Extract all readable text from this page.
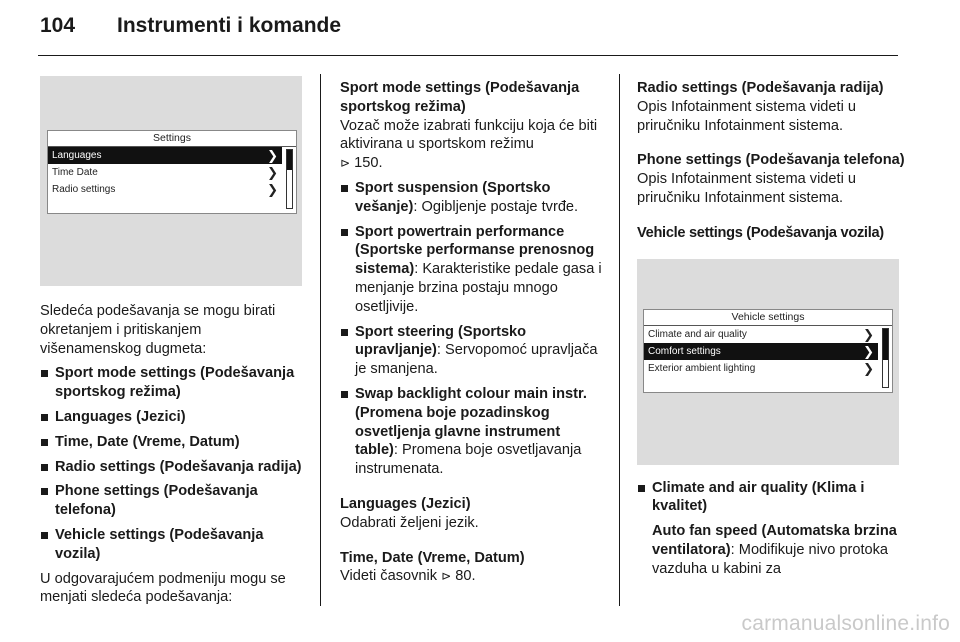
104	Instrumenti i komande
Settings
Languages	❯
Time Date	❯
Radio settings	❯

Sledeća podešavanja se mogu birati okretanjem i pritiskanjem višenamenskog dugmeta:

Sport mode settings (Podešavanja sportskog režima)
Languages (Jezici)
Time, Date (Vreme, Datum)
Radio settings (Podešavanja radija)
Phone settings (Podešavanja telefona)
Vehicle settings (Podešavanja vozila)

U odgovarajućem podmeniju mogu se menjati sledeća podešavanja:

Sport mode settings (Podešavanja sportskog režima)

Vozač može izabrati funkciju koja će biti aktivirana u sportskom režimu
⊳ 150.

Sport suspension (Sportsko vešanje): Ogibljenje postaje tvrđe.
Sport powertrain performance (Sportske performanse prenosnog sistema): Karakteristike pedale gasa i menjanje brzina postaju mnogo osetljivije.
Sport steering (Sportsko upravljanje): Servopomoć upravljača je smanjena.
Swap backlight colour main instr. (Promena boje pozadinskog osvetljenja glavne instrument table): Promena boje osvetljavanja instrumenata.

Languages (Jezici)

Odabrati željeni jezik.

Time, Date (Vreme, Datum)

Videti časovnik ⊳ 80.

Radio settings (Podešavanja radija)

Opis Infotainment sistema videti u priručniku Infotainment sistema.

Phone settings (Podešavanja telefona)

Opis Infotainment sistema videti u priručniku Infotainment sistema.

Vehicle settings (Podešavanja vozila)

Vehicle settings
Climate and air quality	❯
Comfort settings	❯
Exterior ambient lighting	❯
Climate and air quality (Klima i kvalitet)
Auto fan speed (Automatska brzina ventilatora): Modifikuje nivo protoka vazduha u kabini za
carmanualsonline.info
